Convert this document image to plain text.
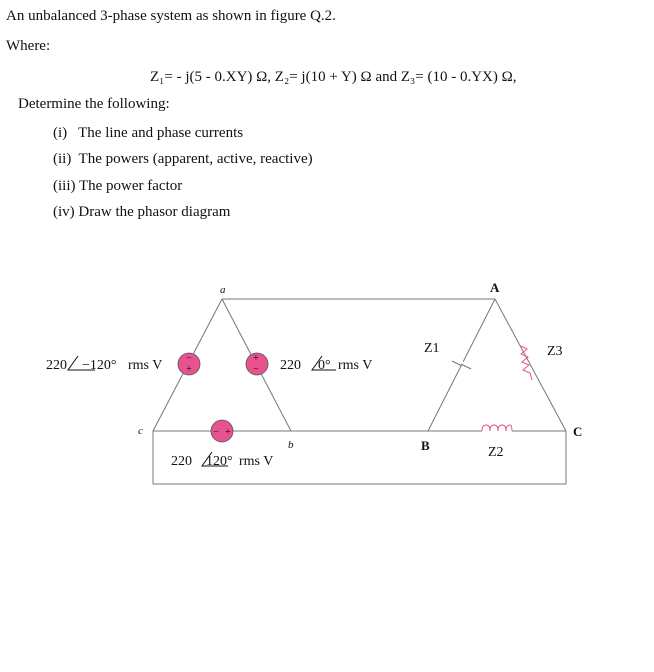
An unbalanced 3-phase system as shown in figure Q.2.
Where:
Z₁= - j(5 - 0.XY) Ω, Z₂= j(10 + Y) Ω and Z₃= (10 - 0.YX) Ω,
Determine the following:
(i)   The line and phase currents
(ii)  The powers (apparent, active, reactive)
(iii) The power factor
(iv) Draw the phasor diagram
−
+
+
−
− +
a
c
b
A
B
C
Z1
Z2
Z3
220 −120° rms V	220 0° rms V
220 120° rms V
